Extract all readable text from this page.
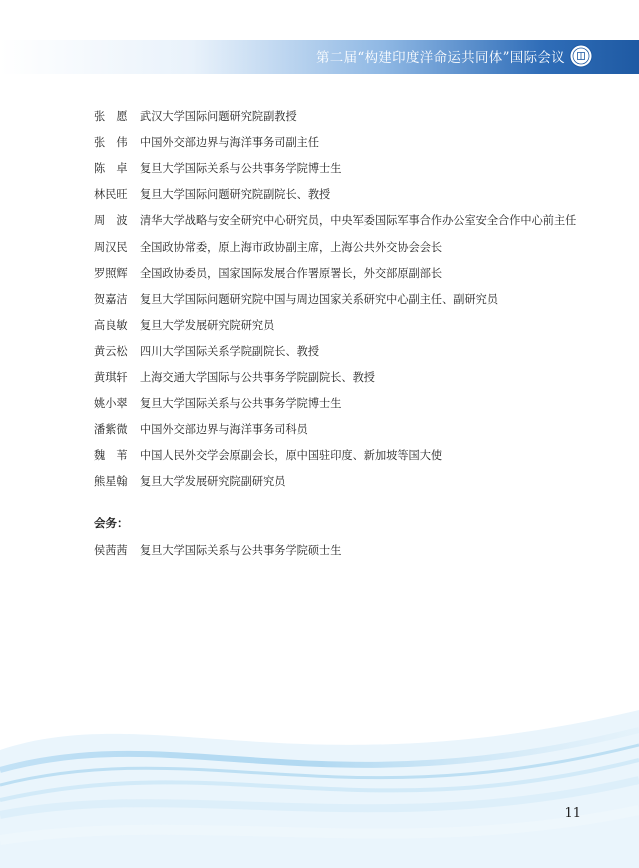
第二届“构建印度洋命运共同体”国际会议
张　愿	武汉大学国际问题研究院副教授
张　伟	中国外交部边界与海洋事务司副主任
陈　卓	复旦大学国际关系与公共事务学院博士生
林民旺	复旦大学国际问题研究院副院长、教授
周　波	清华大学战略与安全研究中心研究员，中央军委国际军事合作办公室安全合作中心前主任
周汉民	全国政协常委，原上海市政协副主席，上海公共外交协会会长
罗照辉	全国政协委员，国家国际发展合作署原署长，外交部原副部长
贺嘉洁	复旦大学国际问题研究院中国与周边国家关系研究中心副主任、副研究员
高良敏	复旦大学发展研究院研究员
黄云松	四川大学国际关系学院副院长、教授
黄琪轩	上海交通大学国际与公共事务学院副院长、教授
姚小翠	复旦大学国际关系与公共事务学院博士生
潘紫微	中国外交部边界与海洋事务司科员
魏　苇	中国人民外交学会原副会长，原中国驻印度、新加坡等国大使
熊星翰	复旦大学发展研究院副研究员
会务：
侯茜茜	复旦大学国际关系与公共事务学院硕士生
11
